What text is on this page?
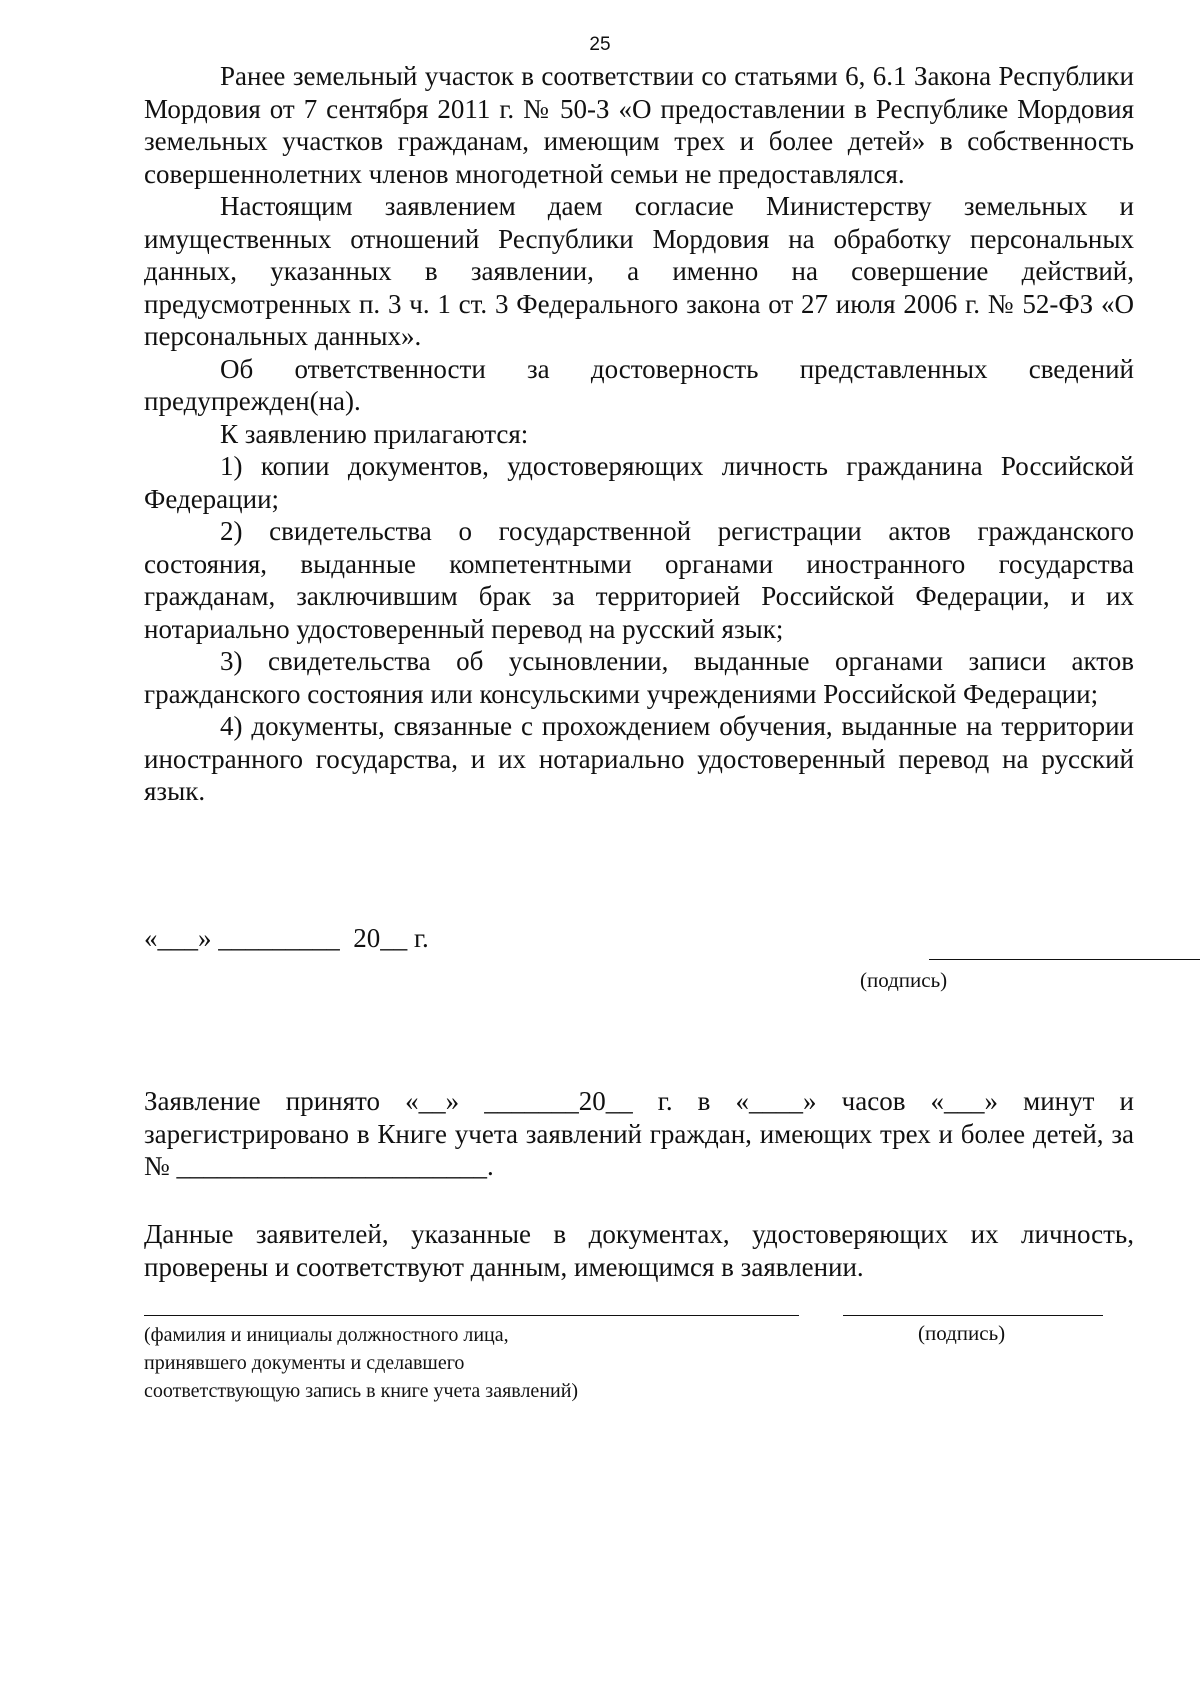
25

Ранее земельный участок в соответствии со статьями 6, 6.1 Закона Республики Мордовия от 7 сентября 2011 г. № 50-З «О предоставлении в Республике Мордовия земельных участков гражданам, имеющим трех и более детей» в собственность совершеннолетних членов многодетной семьи не предоставлялся.

Настоящим заявлением даем согласие Министерству земельных и имущественных отношений Республики Мордовия на обработку персональных данных, указанных в заявлении, а именно на совершение действий, предусмотренных п. 3 ч. 1 ст. 3 Федерального закона от 27 июля 2006 г. № 52-ФЗ «О персональных данных».

Об ответственности за достоверность представленных сведений предупрежден(на).

К заявлению прилагаются:

1) копии документов, удостоверяющих личность гражданина Российской Федерации;

2) свидетельства о государственной регистрации актов гражданского состояния, выданные компетентными органами иностранного государства гражданам, заключившим брак за территорией Российской Федерации, и их нотариально удостоверенный перевод на русский язык;

3) свидетельства об усыновлении, выданные органами записи актов гражданского состояния или консульскими учреждениями Российской Федерации;

4) документы, связанные с прохождением обучения, выданные на территории иностранного государства, и их нотариально удостоверенный перевод на русский язык.

«___» _________  20__ г.
(подпись)

Заявление принято «__» _______20__ г. в «____» часов «___» минут и зарегистрировано в Книге учета заявлений граждан, имеющих трех и более детей, за № _______________________.

Данные заявителей, указанные в документах, удостоверяющих их личность, проверены и соответствуют данным, имеющимся в заявлении.

(фамилия и инициалы должностного лица,
принявшего документы и сделавшего
соответствующую запись в книге учета заявлений)
(подпись)
